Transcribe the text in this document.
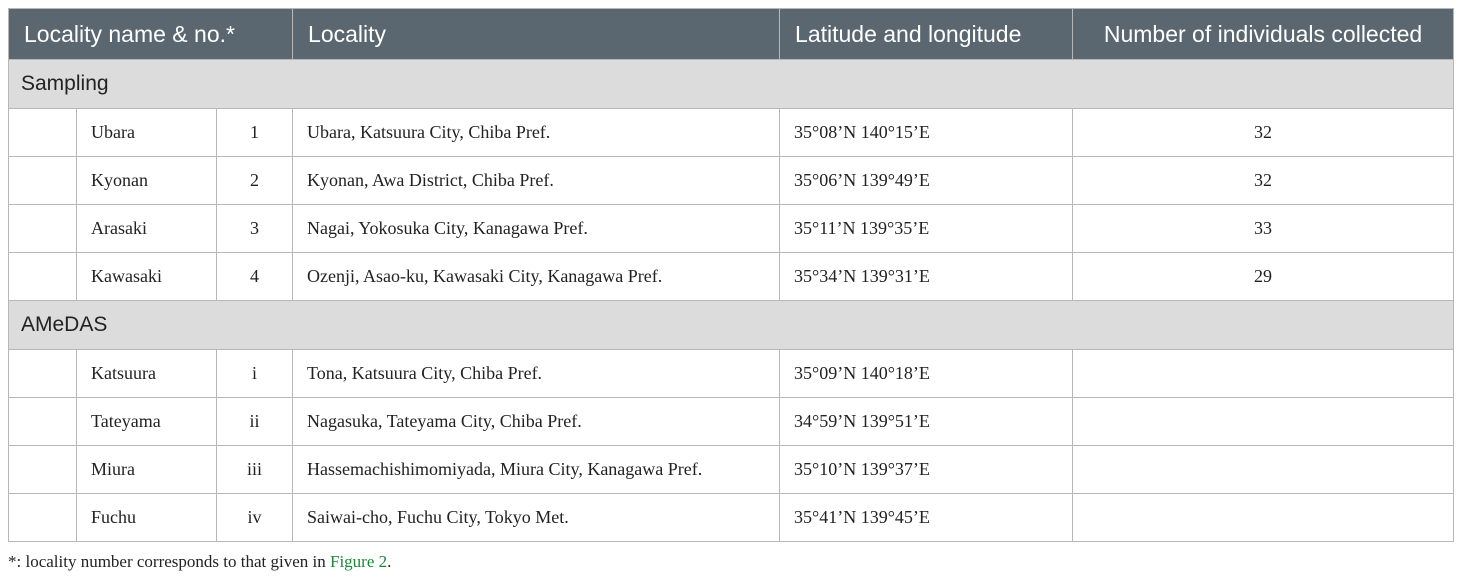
Locality name & no.*			Locality	Latitude and longitude	Number of individuals collected
Sampling					
	Ubara	1	Ubara, Katsuura City, Chiba Pref.	35°08’N 140°15’E	32
	Kyonan	2	Kyonan, Awa District, Chiba Pref.	35°06’N 139°49’E	32
	Arasaki	3	Nagai, Yokosuka City, Kanagawa Pref.	35°11’N 139°35’E	33
	Kawasaki	4	Ozenji, Asao-ku, Kawasaki City, Kanagawa Pref.	35°34’N 139°31’E	29
AMeDAS					
	Katsuura	i	Tona, Katsuura City, Chiba Pref.	35°09’N 140°18’E	
	Tateyama	ii	Nagasuka, Tateyama City, Chiba Pref.	34°59’N 139°51’E	
	Miura	iii	Hassemachishimomiyada, Miura City, Kanagawa Pref.	35°10’N 139°37’E	
	Fuchu	iv	Saiwai-cho, Fuchu City, Tokyo Met.	35°41’N 139°45’E	
*: locality number corresponds to that given in Figure 2.
